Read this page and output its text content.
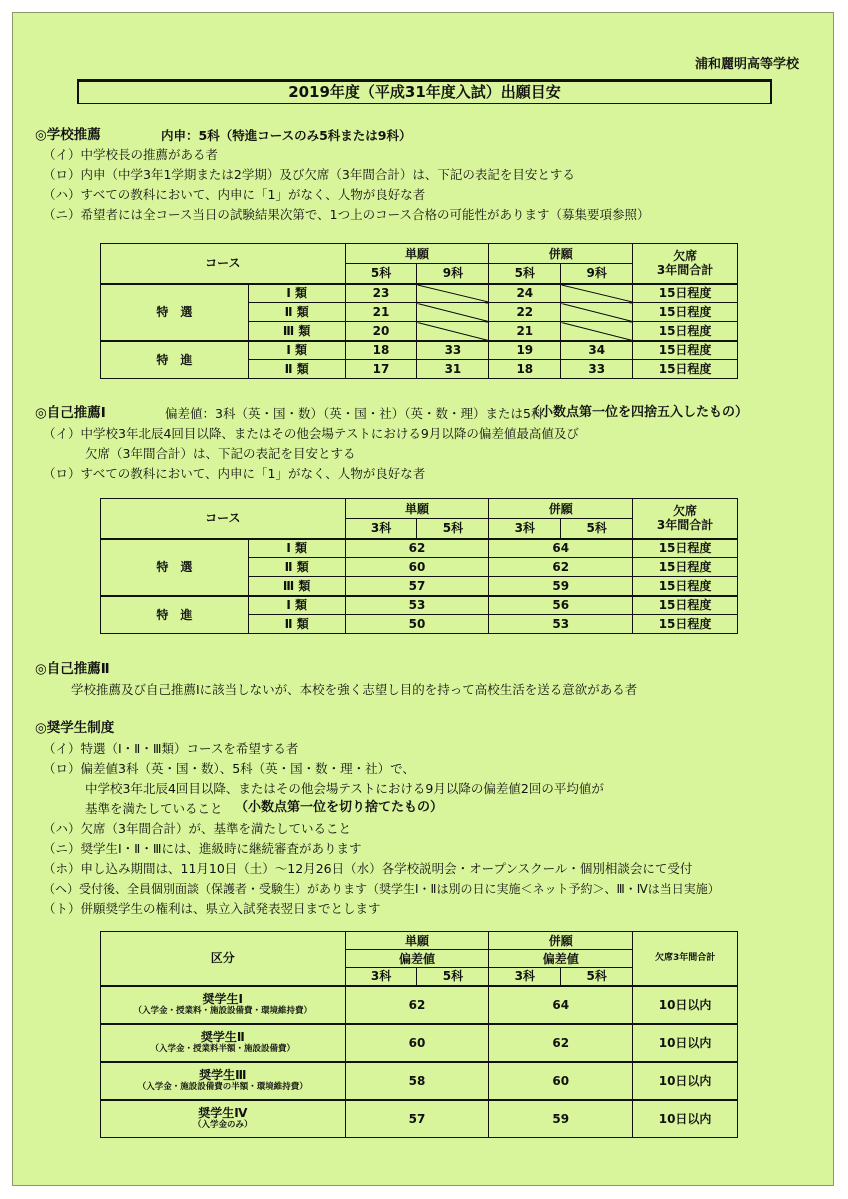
浦和麗明高等学校
2019年度（平成31年度入試）出願目安
◎学校推薦	内申：5科（特進コースのみ5科または9科）
（イ）中学校長の推薦がある者
（ロ）内申（中学3年1学期または2学期）及び欠席（3年間合計）は、下記の表記を目安とする
（ハ）すべての教科において、内申に「1」がなく、人物が良好な者
（ニ）希望者には全コース当日の試験結果次第で、1つ上のコース合格の可能性があります（募集要項参照）
コース		単願		併願		欠席
3年間合計
		5科	9科	5科	9科	
特　選	Ⅰ 類	23		24		15日程度
	Ⅱ 類	21		22		15日程度
	Ⅲ 類	20		21		15日程度
特　進	Ⅰ 類	18	33	19	34	15日程度
	Ⅱ 類	17	31	18	33	15日程度
◎自己推薦Ⅰ	偏差値：3科（英・国・数）（英・国・社）（英・数・理）または5科
（小数点第一位を四捨五入したもの）
（イ）中学校3年北辰4回目以降、またはその他会場テストにおける9月以降の偏差値最高値及び
欠席（3年間合計）は、下記の表記を目安とする
（ロ）すべての教科において、内申に「1」がなく、人物が良好な者
コース		単願		併願		欠席
3年間合計
		3科	5科	3科	5科	
特　選	Ⅰ 類	62		64		15日程度
	Ⅱ 類	60		62		15日程度
	Ⅲ 類	57		59		15日程度
特　進	Ⅰ 類	53		56		15日程度
	Ⅱ 類	50		53		15日程度
◎自己推薦Ⅱ
学校推薦及び自己推薦Ⅰに該当しないが、本校を強く志望し目的を持って高校生活を送る意欲がある者
◎奨学生制度
（イ）特選（Ⅰ・Ⅱ・Ⅲ類）コースを希望する者
（ロ）偏差値3科（英・国・数）、5科（英・国・数・理・社）で、
中学校3年北辰4回目以降、またはその他会場テストにおける9月以降の偏差値2回の平均値が
基準を満たしていること （小数点第一位を切り捨てたもの）
（ハ）欠席（3年間合計）が、基準を満たしていること
（ニ）奨学生Ⅰ・Ⅱ・Ⅲには、進級時に継続審査があります
（ホ）申し込み期間は、11月10日（土）～12月26日（水）各学校説明会・オープンスクール・個別相談会にて受付
（ヘ）受付後、全員個別面談（保護者・受験生）があります（奨学生Ⅰ・Ⅱは別の日に実施＜ネット予約＞、Ⅲ・Ⅳは当日実施）
（ト）併願奨学生の権利は、県立入試発表翌日までとします
区分	単願		併願		欠席3年間合計
	偏差値		偏差値		
	3科	5科	3科	5科	

奨学生Ⅰ
（入学金・授業料・施設設備費・環境維持費）	62		64		10日以内

奨学生Ⅱ
（入学金・授業料半額・施設設備費）	60		62		10日以内

奨学生Ⅲ
（入学金・施設設備費の半額・環境維持費）	58		60		10日以内

奨学生Ⅳ
（入学金のみ）	57		59		10日以内
